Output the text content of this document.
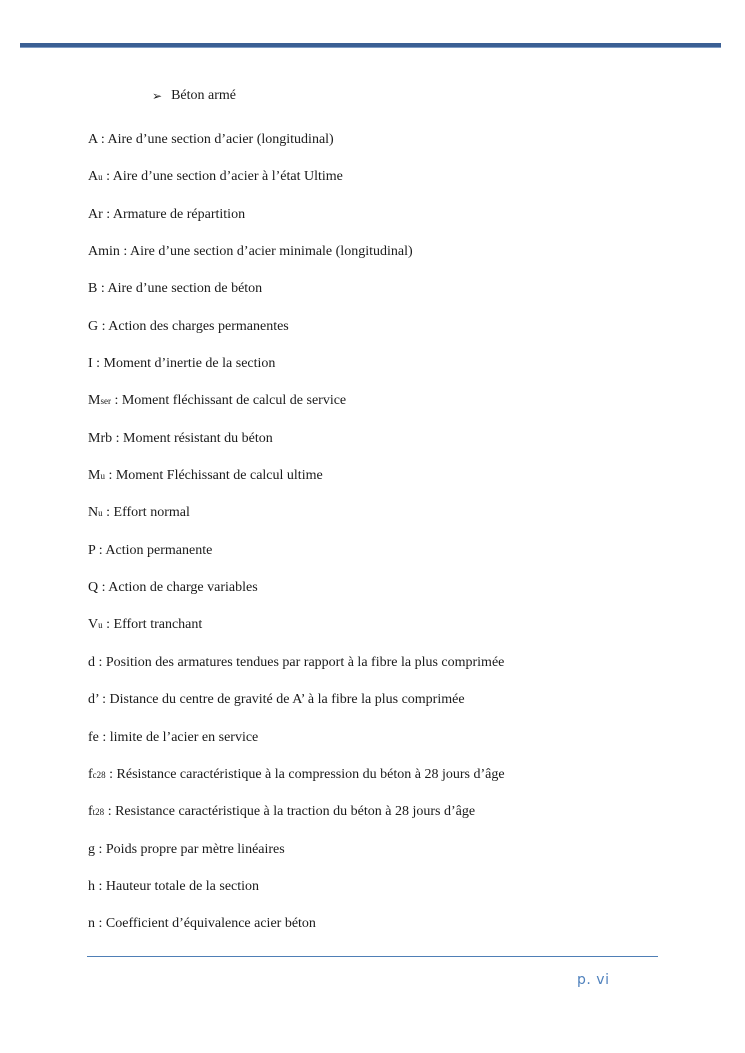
➢ Béton armé
A : Aire d’une section d’acier (longitudinal)
Au : Aire d’une section d’acier à l’état Ultime
Ar : Armature de répartition
Amin : Aire d’une section d’acier minimale (longitudinal)
B : Aire d’une section de béton
G : Action des charges permanentes
I : Moment d’inertie de la section
Mser : Moment fléchissant de calcul de service
Mrb : Moment résistant du béton
Mu : Moment Fléchissant de calcul ultime
Nu : Effort normal
P : Action permanente
Q : Action de charge variables
Vu : Effort tranchant
d : Position des armatures tendues par rapport à la fibre la plus comprimée
d’ : Distance du centre de gravité de A’ à la fibre la plus comprimée
fe : limite de l’acier en service
fc28 : Résistance caractéristique à la compression du béton à 28 jours d’âge
ft28 : Resistance caractéristique à la traction du béton à 28 jours d’âge
g : Poids propre par mètre linéaires
h : Hauteur totale de la section
n : Coefficient d’équivalence acier béton
p. vi
